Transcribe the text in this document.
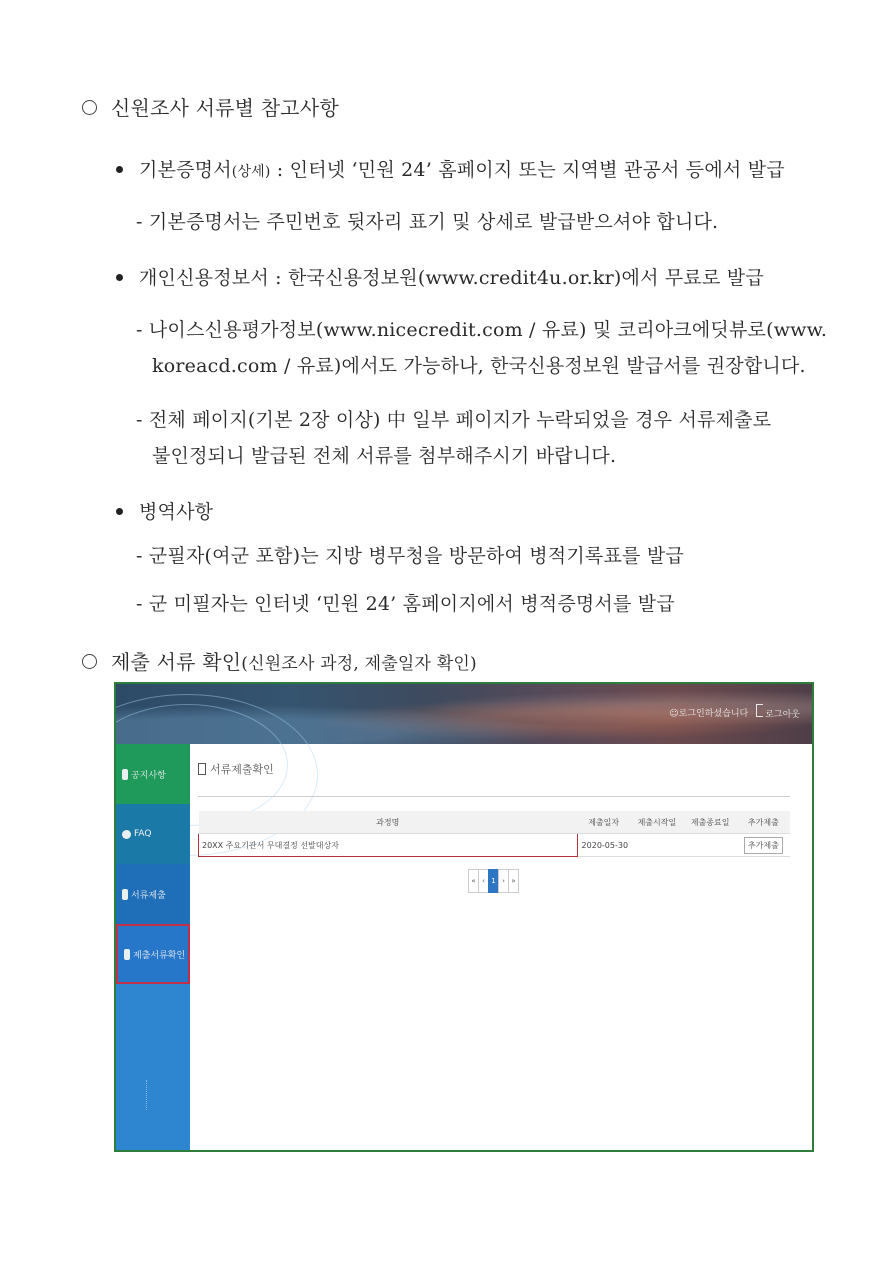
신원조사 서류별 참고사항
기본증명서(상세) : 인터넷 ‘민원 24’ 홈페이지 또는 지역별 관공서 등에서 발급
- 기본증명서는 주민번호 뒷자리 표기 및 상세로 발급받으셔야 합니다.
개인신용정보서 : 한국신용정보원(www.credit4u.or.kr)에서 무료로 발급
- 나이스신용평가정보(www.nicecredit.com / 유료) 및 코리아크에딧뷰로(www.
koreacd.com / 유료)에서도 가능하나, 한국신용정보원 발급서를 권장합니다.
- 전체 페이지(기본 2장 이상) 中 일부 페이지가 누락되었을 경우 서류제출로
불인정되니 발급된 전체 서류를 첨부해주시기 바랍니다.
병역사항
- 군필자(여군 포함)는 지방 병무청을 방문하여 병적기록표를 발급
- 군 미필자는 인터넷 ‘민원 24’ 홈페이지에서 병적증명서를 발급
제출 서류 확인(신원조사 과정, 제출일자 확인)
☺로그인하셨습니다	로그아웃
공지사항
FAQ
서류제출
제출서류확인
서류제출확인
과정명	제출일자	제출시작일	제출종료일	추가제출
20XX 주요기관서 무대결정 선발대상자	2020-05-30			추가제출
« ‹ 1 › »
